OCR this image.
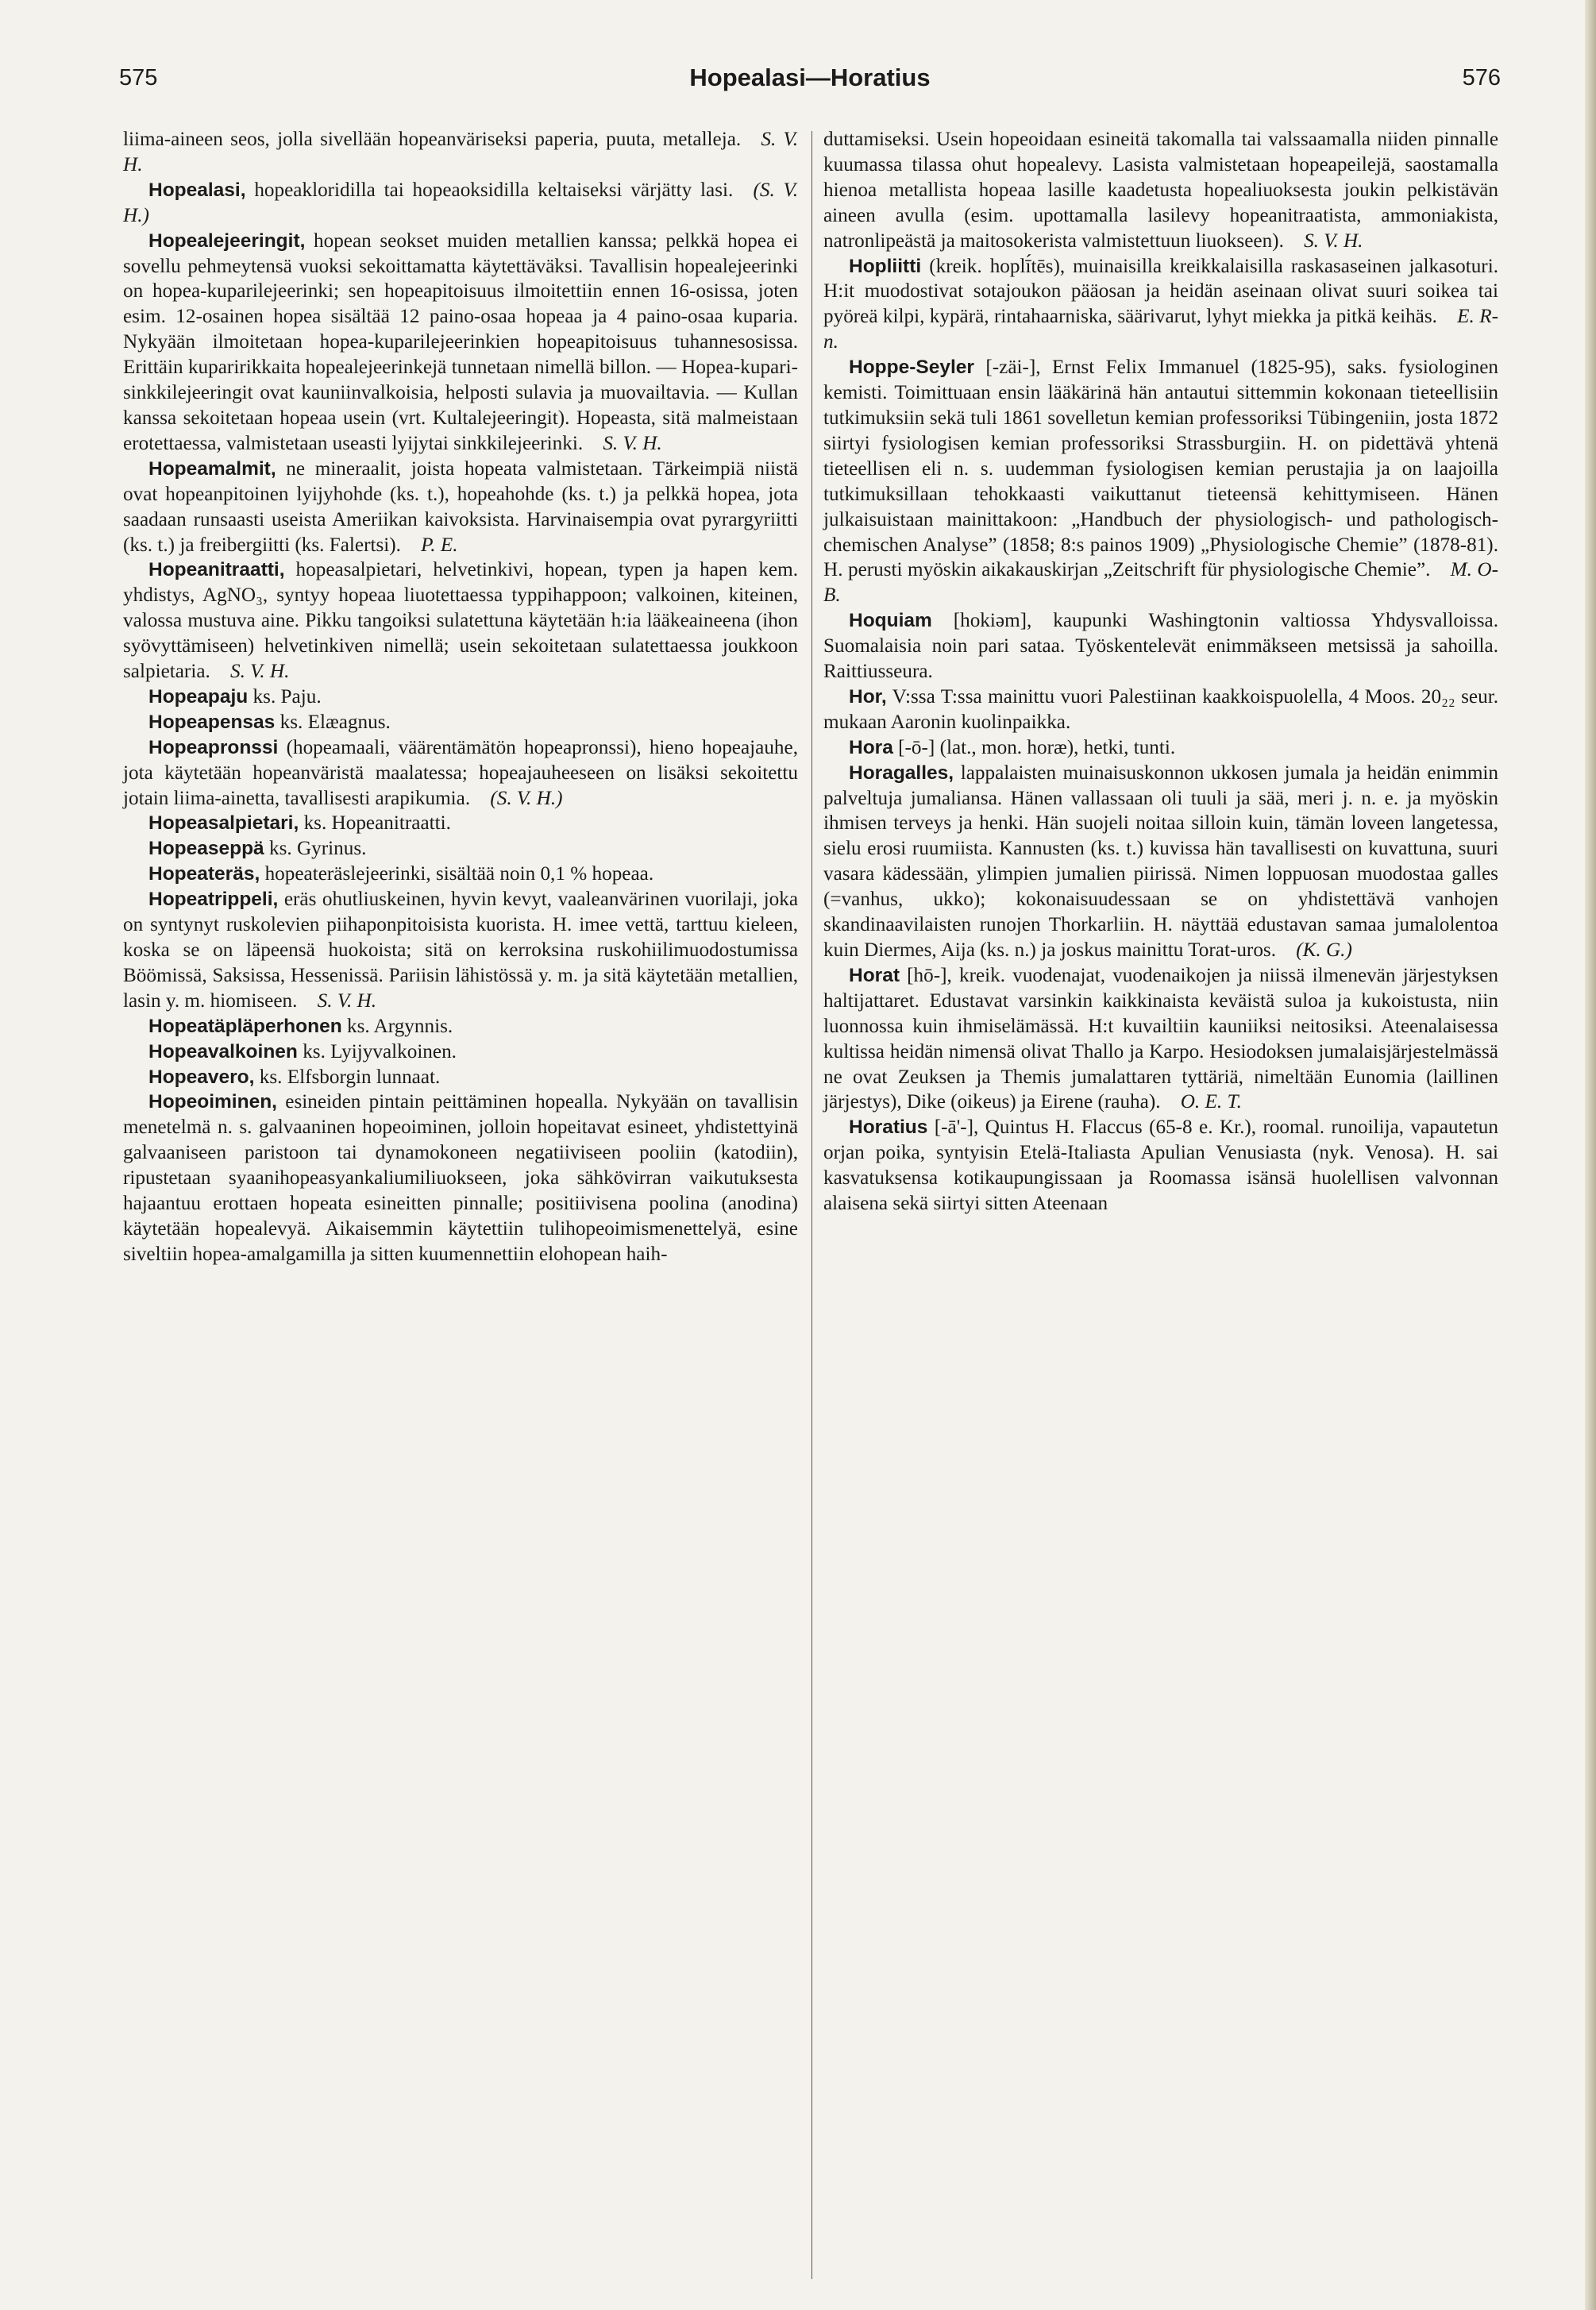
575	Hopealasi—Horatius	576

liima-aineen seos, jolla sivellään hopeanväriseksi paperia, puuta, metalleja.  S. V. H.

Hopealasi, hopeakloridilla tai hopeaoksidilla keltaiseksi värjätty lasi.  (S. V. H.)

Hopealejeeringit, hopean seokset muiden metallien kanssa; pelkkä hopea ei sovellu pehmeytensä vuoksi sekoittamatta käytettäväksi. Tavallisin hopealejeerinki on hopea-kuparilejeerinki; sen hopeapitoisuus ilmoitettiin ennen 16-osissa, joten esim. 12-osainen hopea sisältää 12 paino-osaa hopeaa ja 4 paino-osaa kuparia. Nykyään ilmoitetaan hopea-kuparilejeerinkien hopeapitoisuus tuhannesosissa. Erittäin kuparirikkaita hopealejeerinkejä tunnetaan nimellä billon. — Hopea-kupari-sinkkilejeeringit ovat kauniinvalkoisia, helposti sulavia ja muovailtavia. — Kullan kanssa sekoitetaan hopeaa usein (vrt. Kultalejeeringit). Hopeasta, sitä malmeistaan erotettaessa, valmistetaan useasti lyijytai sinkkilejeerinki.  S. V. H.

Hopeamalmit, ne mineraalit, joista hopeata valmistetaan. Tärkeimpiä niistä ovat hopeanpitoinen lyijyhohde (ks. t.), hopeahohde (ks. t.) ja pelkkä hopea, jota saadaan runsaasti useista Ameriikan kaivoksista. Harvinaisempia ovat pyrargyriitti (ks. t.) ja freibergiitti (ks. Falertsi).  P. E.

Hopeanitraatti, hopeasalpietari, helvetinkivi, hopean, typen ja hapen kem. yhdistys, AgNO₃, syntyy hopeaa liuotettaessa typpihappoon; valkoinen, kiteinen, valossa mustuva aine. Pikku tangoiksi sulatettuna käytetään h:ia lääkeaineena (ihon syövyttämiseen) helvetinkiven nimellä; usein sekoitetaan sulatettaessa joukkoon salpietaria.  S. V. H.

Hopeapaju ks. Paju.

Hopeapensas ks. Elæagnus.

Hopeapronssi (hopeamaali, väärentämätön hopeapronssi), hieno hopeajauhe, jota käytetään hopeanväristä maalatessa; hopeajauheeseen on lisäksi sekoitettu jotain liima-ainetta, tavallisesti arapikumia.  (S. V. H.)

Hopeasalpietari, ks. Hopeanitraatti.

Hopeaseppä ks. Gyrinus.

Hopeateräs, hopeateräslejeerinki, sisältää noin 0,1 % hopeaa.

Hopeatrippeli, eräs ohutliuskeinen, hyvin kevyt, vaaleanvärinen vuorilaji, joka on syntynyt ruskolevien piihaponpitoisista kuorista. H. imee vettä, tarttuu kieleen, koska se on läpeensä huokoista; sitä on kerroksina ruskohiilimuodostumissa Böömissä, Saksissa, Hessenissä. Pariisin lähistössä y. m. ja sitä käytetään metallien, lasin y. m. hiomiseen.  S. V. H.

Hopeatäpläperhonen ks. Argynnis.

Hopeavalkoinen ks. Lyijyvalkoinen.

Hopeavero, ks. Elfsborgin lunnaat.

Hopeoiminen, esineiden pintain peittäminen hopealla. Nykyään on tavallisin menetelmä n. s. galvaaninen hopeoiminen, jolloin hopeitavat esineet, yhdistettyinä galvaaniseen paristoon tai dynamokoneen negatiiviseen pooliin (katodiin), ripustetaan syaanihopeasyankaliumiliuokseen, joka sähkövirran vaikutuksesta hajaantuu erottaen hopeata esineitten pinnalle; positiivisena poolina (anodina) käytetään hopealevyä. Aikaisemmin käytettiin tulihopeoimismenettelyä, esine siveltiin hopea-amalgamilla ja sitten kuumennettiin elohopean haih-

duttamiseksi. Usein hopeoidaan esineitä takomalla tai valssaamalla niiden pinnalle kuumassa tilassa ohut hopealevy. Lasista valmistetaan hopeapeilejä, saostamalla hienoa metallista hopeaa lasille kaadetusta hopealiuoksesta joukin pelkistävän aineen avulla (esim. upottamalla lasilevy hopeanitraatista, ammoniakista, natronlipeästä ja maitosokerista valmistettuun liuokseen).  S. V. H.

Hopliitti (kreik. hoplī́tēs), muinaisilla kreikkalaisilla raskasaseinen jalkasoturi. H:it muodostivat sotajoukon pääosan ja heidän aseinaan olivat suuri soikea tai pyöreä kilpi, kypärä, rintahaarniska, säärivarut, lyhyt miekka ja pitkä keihäs.  E. R-n.

Hoppe-Seyler [-zäi-], Ernst Felix Immanuel (1825-95), saks. fysiologinen kemisti. Toimittuaan ensin lääkärinä hän antautui sittemmin kokonaan tieteellisiin tutkimuksiin sekä tuli 1861 sovelletun kemian professoriksi Tübingeniin, josta 1872 siirtyi fysiologisen kemian professoriksi Strassburgiin. H. on pidettävä yhtenä tieteellisen eli n. s. uudemman fysiologisen kemian perustajia ja on laajoilla tutkimuksillaan tehokkaasti vaikuttanut tieteensä kehittymiseen. Hänen julkaisuistaan mainittakoon: „Handbuch der physiologisch- und pathologisch-chemischen Analyse” (1858; 8:s painos 1909) „Physiologische Chemie” (1878-81). H. perusti myöskin aikakauskirjan „Zeitschrift für physiologische Chemie”.  M. O-B.

Hoquiam [hokiəm], kaupunki Washingtonin valtiossa Yhdysvalloissa. Suomalaisia noin pari sataa. Työskentelevät enimmäkseen metsissä ja sahoilla. Raittiusseura.

Hor, V:ssa T:ssa mainittu vuori Palestiinan kaakkoispuolella, 4 Moos. 20₂₂ seur. mukaan Aaronin kuolinpaikka.

Hora [-ō-] (lat., mon. horæ), hetki, tunti.

Horagalles, lappalaisten muinaisuskonnon ukkosen jumala ja heidän enimmin palveltuja jumaliansa. Hänen vallassaan oli tuuli ja sää, meri j. n. e. ja myöskin ihmisen terveys ja henki. Hän suojeli noitaa silloin kuin, tämän loveen langetessa, sielu erosi ruumiista. Kannusten (ks. t.) kuvissa hän tavallisesti on kuvattuna, suuri vasara kädessään, ylimpien jumalien piirissä. Nimen loppuosan muodostaa galles (=vanhus, ukko); kokonaisuudessaan se on yhdistettävä vanhojen skandinaavilaisten runojen Thorkarliin. H. näyttää edustavan samaa jumalolentoa kuin Diermes, Aija (ks. n.) ja joskus mainittu Torat-uros.  (K. G.)

Horat [hō-], kreik. vuodenajat, vuodenaikojen ja niissä ilmenevän järjestyksen haltijattaret. Edustavat varsinkin kaikkinaista keväistä suloa ja kukoistusta, niin luonnossa kuin ihmiselämässä. H:t kuvailtiin kauniiksi neitosiksi. Ateenalaisessa kultissa heidän nimensä olivat Thallo ja Karpo. Hesiodoksen jumalaisjärjestelmässä ne ovat Zeuksen ja Themis jumalattaren tyttäriä, nimeltään Eunomia (laillinen järjestys), Dike (oikeus) ja Eirene (rauha).  O. E. T.

Horatius [-ā'-], Quintus H. Flaccus (65-8 e. Kr.), roomal. runoilija, vapautetun orjan poika, syntyisin Etelä-Italiasta Apulian Venusiasta (nyk. Venosa). H. sai kasvatuksensa kotikaupungissaan ja Roomassa isänsä huolellisen valvonnan alaisena sekä siirtyi sitten Ateenaan
